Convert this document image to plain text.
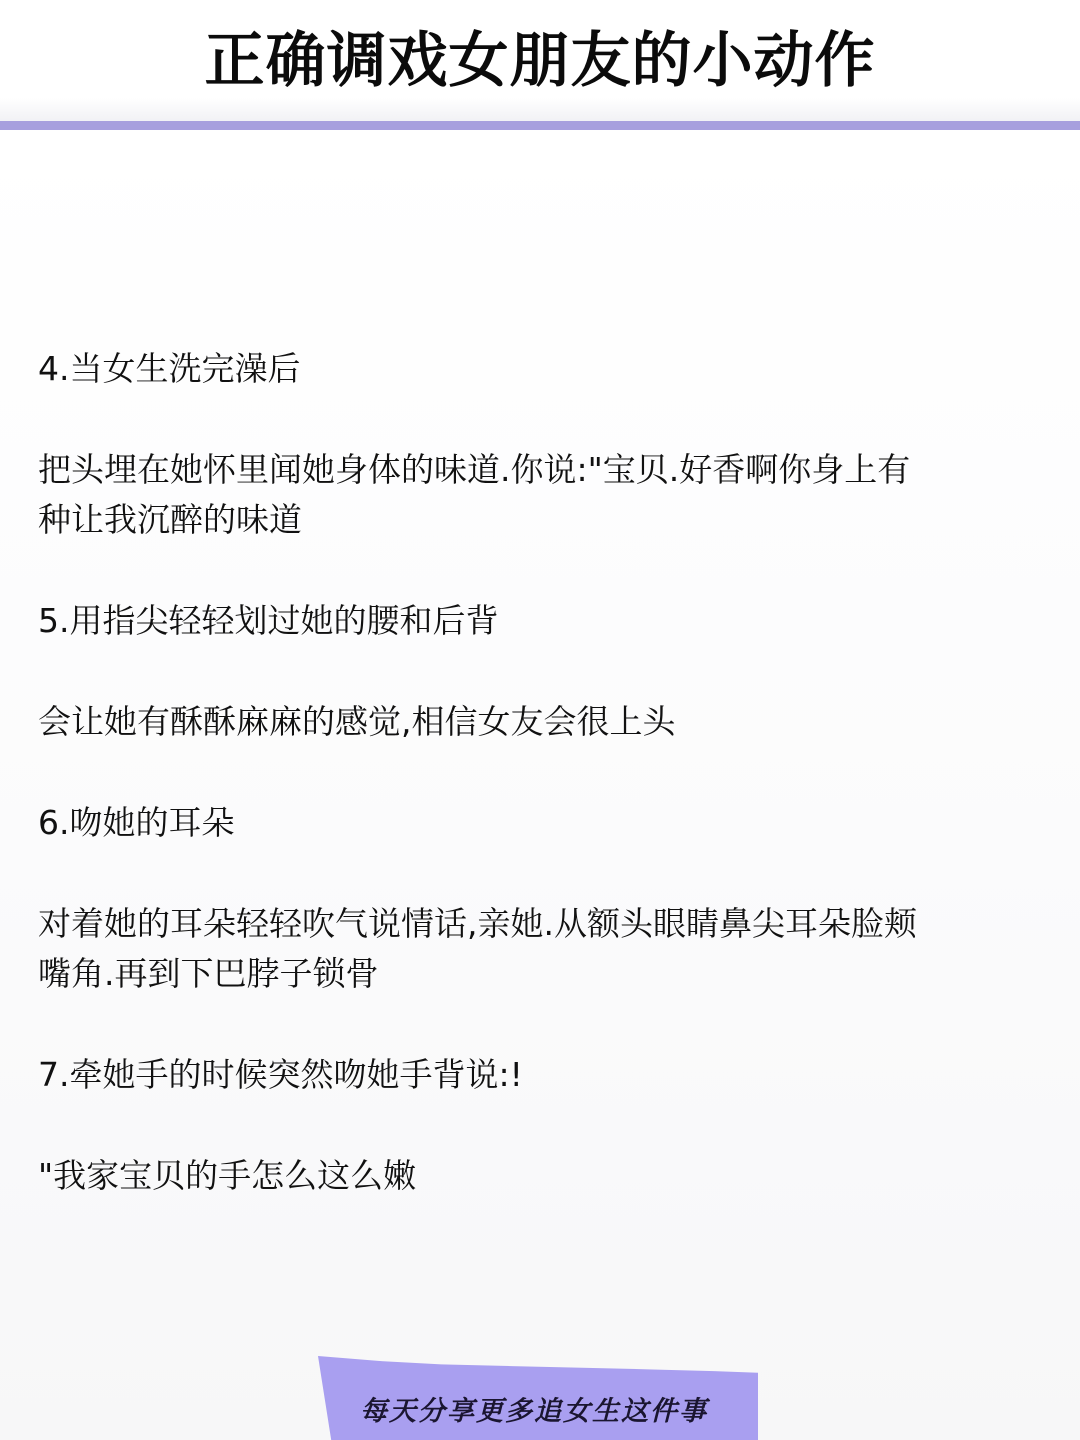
正确调戏女朋友的小动作

4.当女生洗完澡后

把头埋在她怀里闻她身体的味道.你说:"宝贝.好香啊你身上有
种让我沉醉的味道

5.用指尖轻轻划过她的腰和后背

会让她有酥酥麻麻的感觉,相信女友会很上头

6.吻她的耳朵

对着她的耳朵轻轻吹气说情话,亲她.从额头眼睛鼻尖耳朵脸颊
嘴角.再到下巴脖子锁骨

7.牵她手的时候突然吻她手背说:!

"我家宝贝的手怎么这么嫩

每天分享更多追女生这件事
